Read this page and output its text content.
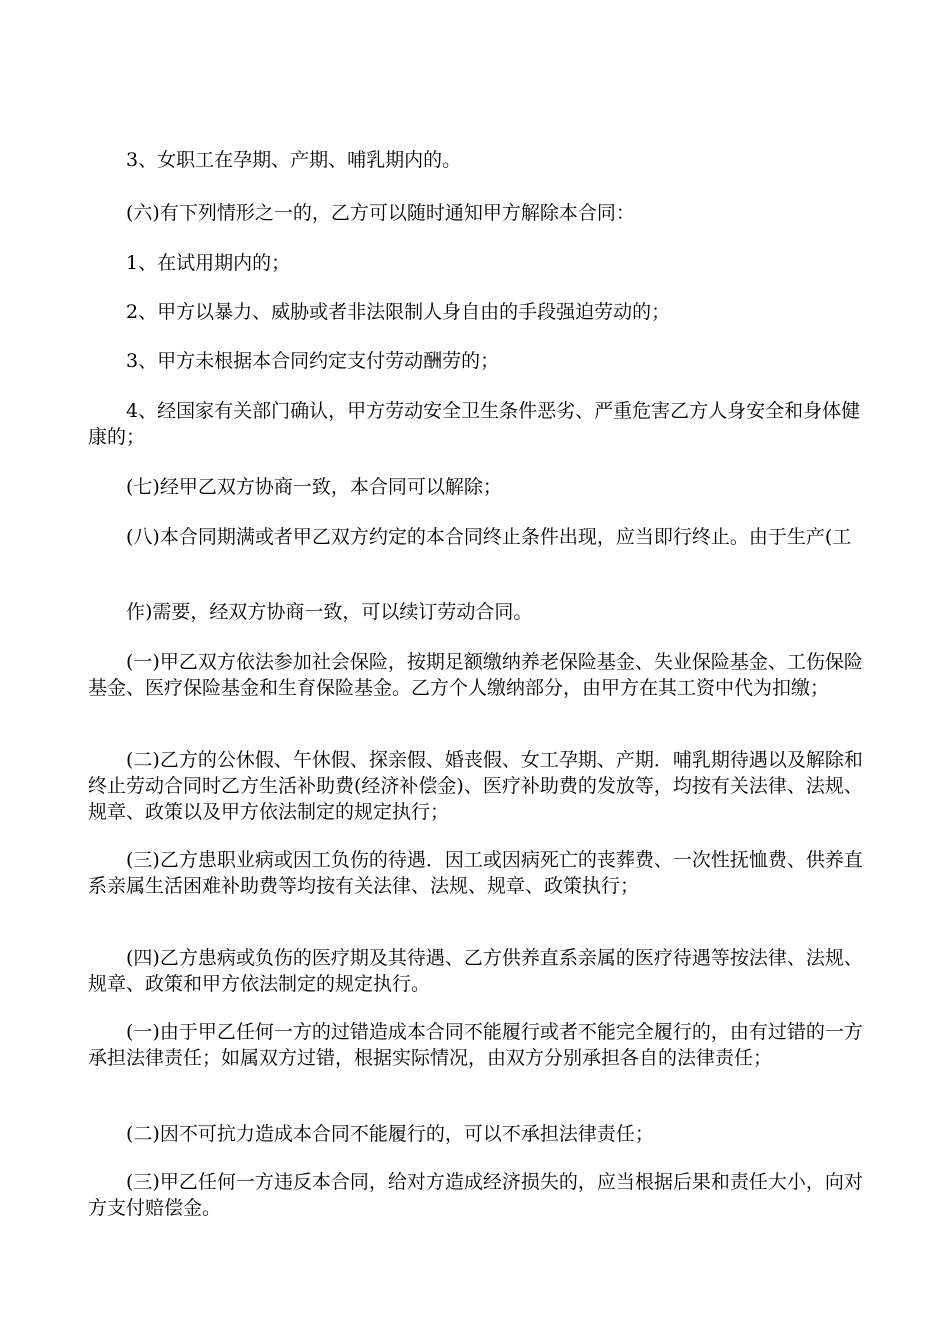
3、女职工在孕期、产期、哺乳期内的。

(六)有下列情形之一的，乙方可以随时通知甲方解除本合同：

1、在试用期内的；

2、甲方以暴力、威胁或者非法限制人身自由的手段强迫劳动的；

3、甲方未根据本合同约定支付劳动酬劳的；

4、经国家有关部门确认，甲方劳动安全卫生条件恶劣、严重危害乙方人身安全和身体健康的；

(七)经甲乙双方协商一致，本合同可以解除；

(八)本合同期满或者甲乙双方约定的本合同终止条件出现，应当即行终止。由于生产(工

作)需要，经双方协商一致，可以续订劳动合同。

(一)甲乙双方依法参加社会保险，按期足额缴纳养老保险基金、失业保险基金、工伤保险基金、医疗保险基金和生育保险基金。乙方个人缴纳部分，由甲方在其工资中代为扣缴；

(二)乙方的公休假、午休假、探亲假、婚丧假、女工孕期、产期．哺乳期待遇以及解除和终止劳动合同时乙方生活补助费(经济补偿金)、医疗补助费的发放等，均按有关法律、法规、规章、政策以及甲方依法制定的规定执行；

(三)乙方患职业病或因工负伤的待遇．因工或因病死亡的丧葬费、一次性抚恤费、供养直系亲属生活困难补助费等均按有关法律、法规、规章、政策执行；

(四)乙方患病或负伤的医疗期及其待遇、乙方供养直系亲属的医疗待遇等按法律、法规、规章、政策和甲方依法制定的规定执行。

(一)由于甲乙任何一方的过错造成本合同不能履行或者不能完全履行的，由有过错的一方承担法律责任；如属双方过错，根据实际情况，由双方分别承担各自的法律责任；

(二)因不可抗力造成本合同不能履行的，可以不承担法律责任；

(三)甲乙任何一方违反本合同，给对方造成经济损失的，应当根据后果和责任大小，向对方支付赔偿金。
